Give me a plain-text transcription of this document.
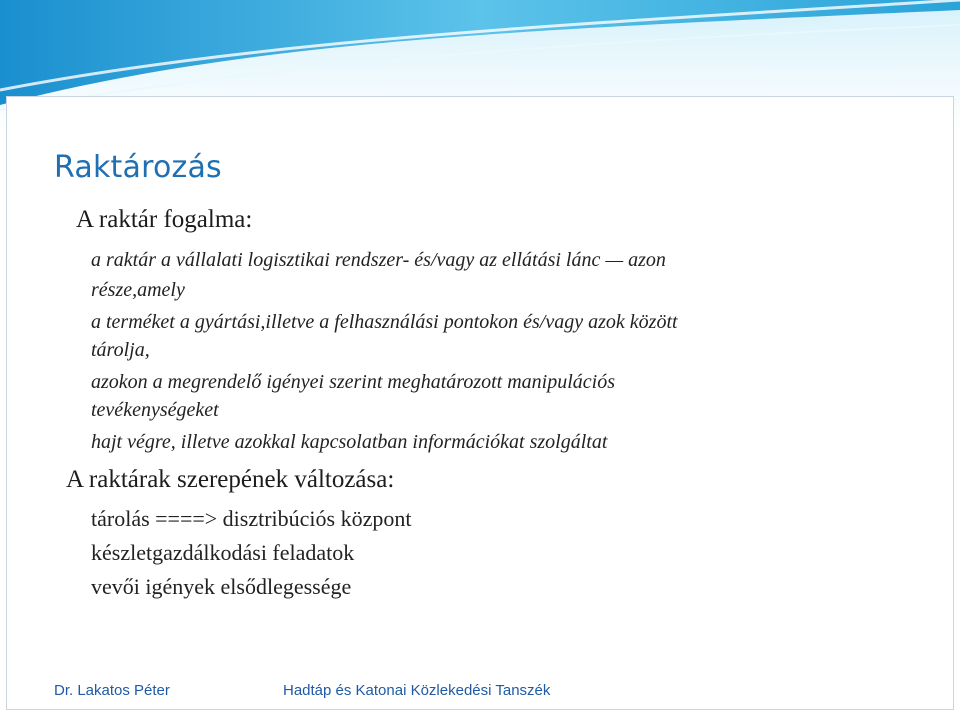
Raktározás
A raktár fogalma:
a raktár a vállalati logisztikai rendszer- és/vagy az ellátási lánc — azon
része,amely
a terméket a gyártási,illetve a felhasználási pontokon és/vagy azok között
tárolja,
azokon a megrendelő igényei szerint meghatározott manipulációs
tevékenységeket
hajt végre, illetve azokkal kapcsolatban információkat szolgáltat
A raktárak szerepének változása:
tárolás ====> disztribúciós központ
készletgazdálkodási feladatok
vevői igények elsődlegessége
Dr. Lakatos Péter	Hadtáp és Katonai Közlekedési Tanszék
